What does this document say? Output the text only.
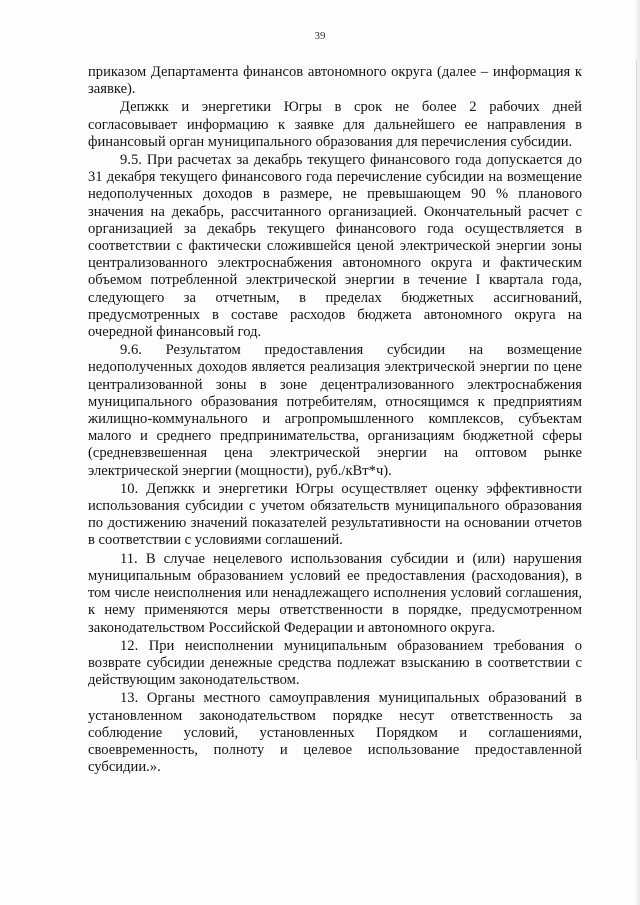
39

приказом Департамента финансов автономного округа (далее – информация к заявке).

Депжкк и энергетики Югры в срок не более 2 рабочих дней согласовывает информацию к заявке для дальнейшего ее направления в финансовый орган муниципального образования для перечисления субсидии.

9.5. При расчетах за декабрь текущего финансового года допускается до 31 декабря текущего финансового года перечисление субсидии на возмещение недополученных доходов в размере, не превышающем 90 % планового значения на декабрь, рассчитанного организацией. Окончательный расчет с организацией за декабрь текущего финансового года осуществляется в соответствии с фактически сложившейся ценой электрической энергии зоны централизованного электроснабжения автономного округа и фактическим объемом потребленной электрической энергии в течение I квартала года, следующего за отчетным, в пределах бюджетных ассигнований, предусмотренных в составе расходов бюджета автономного округа на очередной финансовый год.

9.6. Результатом предоставления субсидии на возмещение недополученных доходов является реализация электрической энергии по цене централизованной зоны в зоне децентрализованного электроснабжения муниципального образования потребителям, относящимся к предприятиям жилищно-коммунального и агропромышленного комплексов, субъектам малого и среднего предпринимательства, организациям бюджетной сферы (средневзвешенная цена электрической энергии на оптовом рынке электрической энергии (мощности), руб./кВт*ч).

10. Депжкк и энергетики Югры осуществляет оценку эффективности использования субсидии с учетом обязательств муниципального образования по достижению значений показателей результативности на основании отчетов в соответствии с условиями соглашений.

11. В случае нецелевого использования субсидии и (или) нарушения муниципальным образованием условий ее предоставления (расходования), в том числе неисполнения или ненадлежащего исполнения условий соглашения, к нему применяются меры ответственности в порядке, предусмотренном законодательством Российской Федерации и автономного округа.

12. При неисполнении муниципальным образованием требования о возврате субсидии денежные средства подлежат взысканию в соответствии с действующим законодательством.

13. Органы местного самоуправления муниципальных образований в установленном законодательством порядке несут ответственность за соблюдение условий, установленных Порядком и соглашениями, своевременность, полноту и целевое использование предоставленной субсидии.».
